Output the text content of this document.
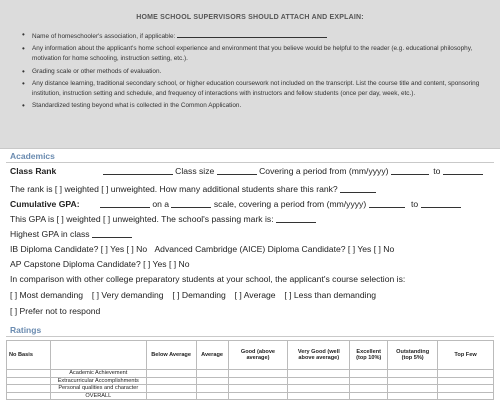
HOME SCHOOL SUPERVISORS SHOULD ATTACH AND EXPLAIN:
• Name of homeschooler's association, if applicable:
• Any information about the applicant's home school experience and environment that you believe would be helpful to the reader (e.g. educational philosophy, motivation for home schooling, instruction setting, etc.).
• Grading scale or other methods of evaluation.
• Any distance learning, traditional secondary school, or higher education coursework not included on the transcript. List the course title and content, sponsoring institution, instruction setting and schedule, and frequency of interactions with instructors and fellow students (once per day, week, etc.).
• Standardized testing beyond what is collected in the Common Application.
Academics
Class Rank	Class size	Covering a period from (mm/yyyy)	to
The rank is [ ] weighted [ ] unweighted. How many additional students share this rank?
Cumulative GPA:	on a	scale, covering a period from (mm/yyyy)	to
This GPA is [ ] weighted [ ] unweighted. The school's passing mark is:
Highest GPA in class
IB Diploma Candidate? [ ] Yes [ ] No Advanced Cambridge (AICE) Diploma Candidate? [ ] Yes [ ] No
AP Capstone Diploma Candidate? [ ] Yes [ ] No
In comparison with other college preparatory students at your school, the applicant's course selection is:
[ ] Most demanding [ ] Very demanding [ ] Demanding [ ] Average [ ] Less than demanding
[ ] Prefer not to respond
Ratings
No Basis		Below Average	Average	Good (above average)	Very Good (well above average)	Excellent (top 10%)	Outstanding (top 5%)	Top Few
	Academic Achievement							
	Extracurricular Accomplishments							
	Personal qualities and character							
	OVERALL							
